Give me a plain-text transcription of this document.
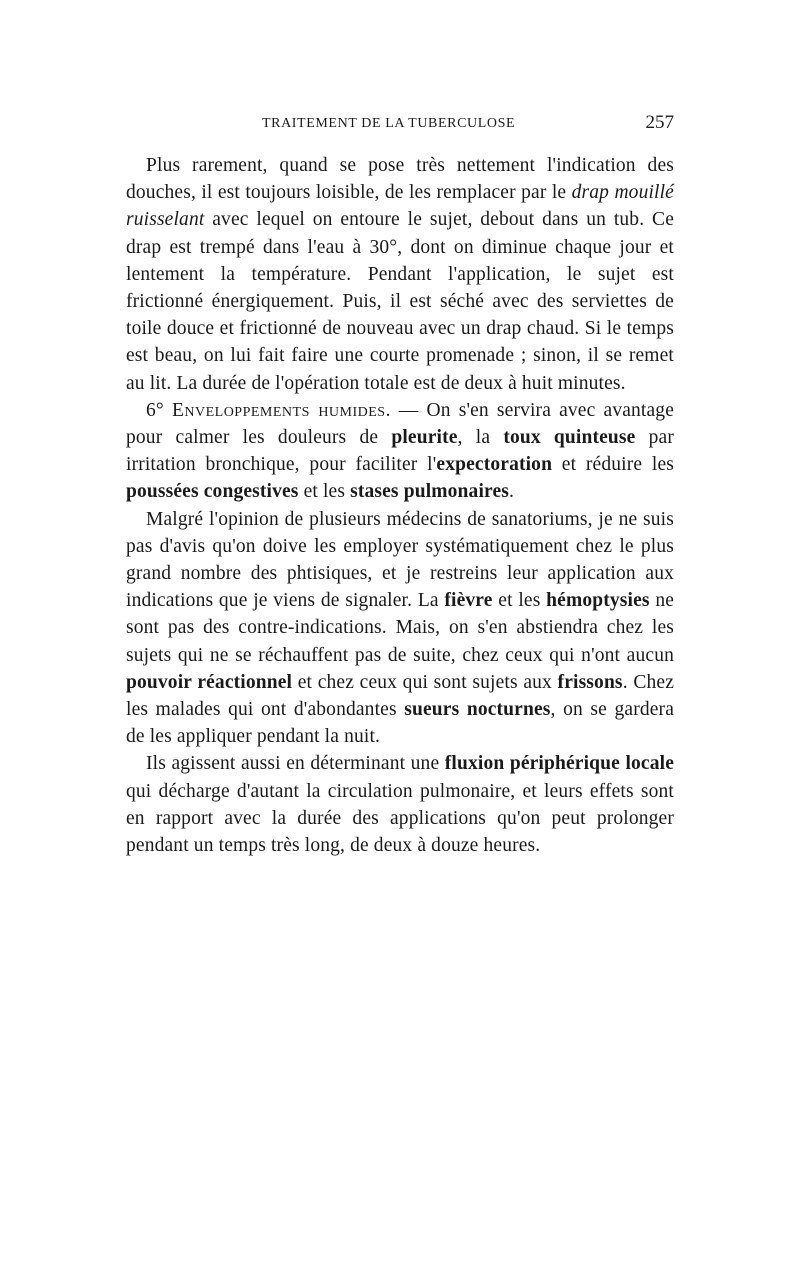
TRAITEMENT DE LA TUBERCULOSE	257

Plus rarement, quand se pose très nettement l'indication des douches, il est toujours loisible, de les remplacer par le drap mouillé ruisselant avec lequel on entoure le sujet, debout dans un tub. Ce drap est trempé dans l'eau à 30°, dont on diminue chaque jour et lentement la température. Pendant l'application, le sujet est frictionné énergiquement. Puis, il est séché avec des serviettes de toile douce et frictionné de nouveau avec un drap chaud. Si le temps est beau, on lui fait faire une courte promenade ; sinon, il se remet au lit. La durée de l'opération totale est de deux à huit minutes.

6° Enveloppements humides. — On s'en servira avec avantage pour calmer les douleurs de pleurite, la toux quinteuse par irritation bronchique, pour faciliter l'expectoration et réduire les poussées congestives et les stases pulmonaires.

Malgré l'opinion de plusieurs médecins de sanatoriums, je ne suis pas d'avis qu'on doive les employer systématiquement chez le plus grand nombre des phtisiques, et je restreins leur application aux indications que je viens de signaler. La fièvre et les hémoptysies ne sont pas des contre-indications. Mais, on s'en abstiendra chez les sujets qui ne se réchauffent pas de suite, chez ceux qui n'ont aucun pouvoir réactionnel et chez ceux qui sont sujets aux frissons. Chez les malades qui ont d'abondantes sueurs nocturnes, on se gardera de les appliquer pendant la nuit.

Ils agissent aussi en déterminant une fluxion périphérique locale qui décharge d'autant la circulation pulmonaire, et leurs effets sont en rapport avec la durée des applications qu'on peut prolonger pendant un temps très long, de deux à douze heures.
